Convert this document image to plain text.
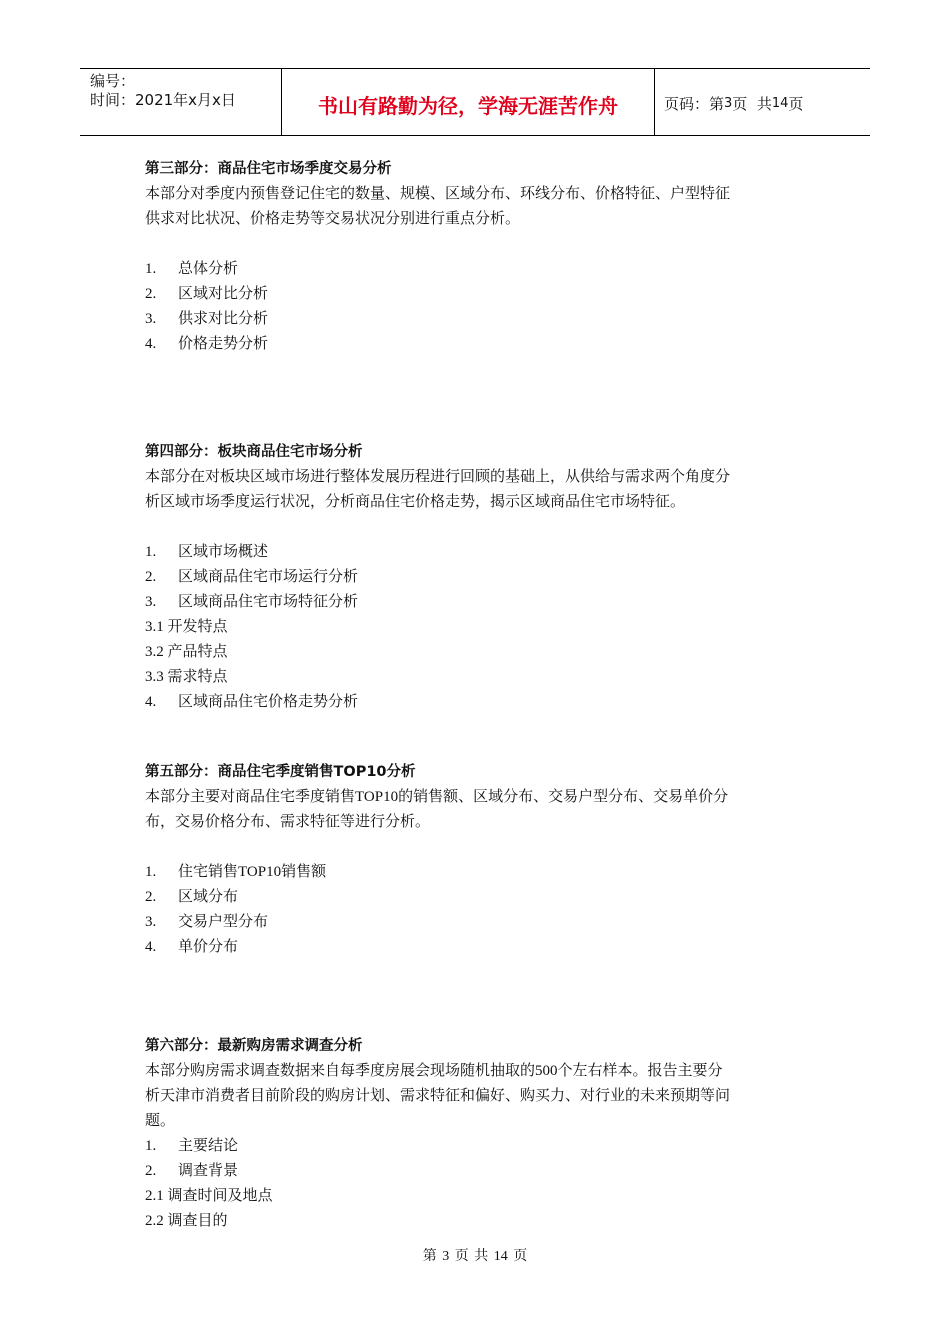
编号：
时间：2021年x月x日	书山有路勤为径，学海无涯苦作舟	页码：第 3 页  共 14 页
第三部分：商品住宅市场季度交易分析
本部分对季度内预售登记住宅的数量、规模、区域分布、环线分布、价格特征、户型特征
供求对比状况、价格走势等交易状况分别进行重点分析。
1. 总体分析
2. 区域对比分析
3. 供求对比分析
4. 价格走势分析
第四部分：板块商品住宅市场分析
本部分在对板块区域市场进行整体发展历程进行回顾的基础上，从供给与需求两个角度分
析区域市场季度运行状况，分析商品住宅价格走势，揭示区域商品住宅市场特征。
1. 区域市场概述
2. 区域商品住宅市场运行分析
3. 区域商品住宅市场特征分析
3.1 开发特点
3.2 产品特点
3.3 需求特点
4. 区域商品住宅价格走势分析
第五部分：商品住宅季度销售TOP10分析
本部分主要对商品住宅季度销售TOP10的销售额、区域分布、交易户型分布、交易单价分
布，交易价格分布、需求特征等进行分析。
1. 住宅销售TOP10销售额
2. 区域分布
3. 交易户型分布
4. 单价分布
第六部分：最新购房需求调查分析
本部分购房需求调查数据来自每季度房展会现场随机抽取的500个左右样本。报告主要分
析天津市消费者目前阶段的购房计划、需求特征和偏好、购买力、对行业的未来预期等问
题。
1. 主要结论
2. 调查背景
2.1 调查时间及地点
2.2 调查目的
第 3 页 共 14 页
